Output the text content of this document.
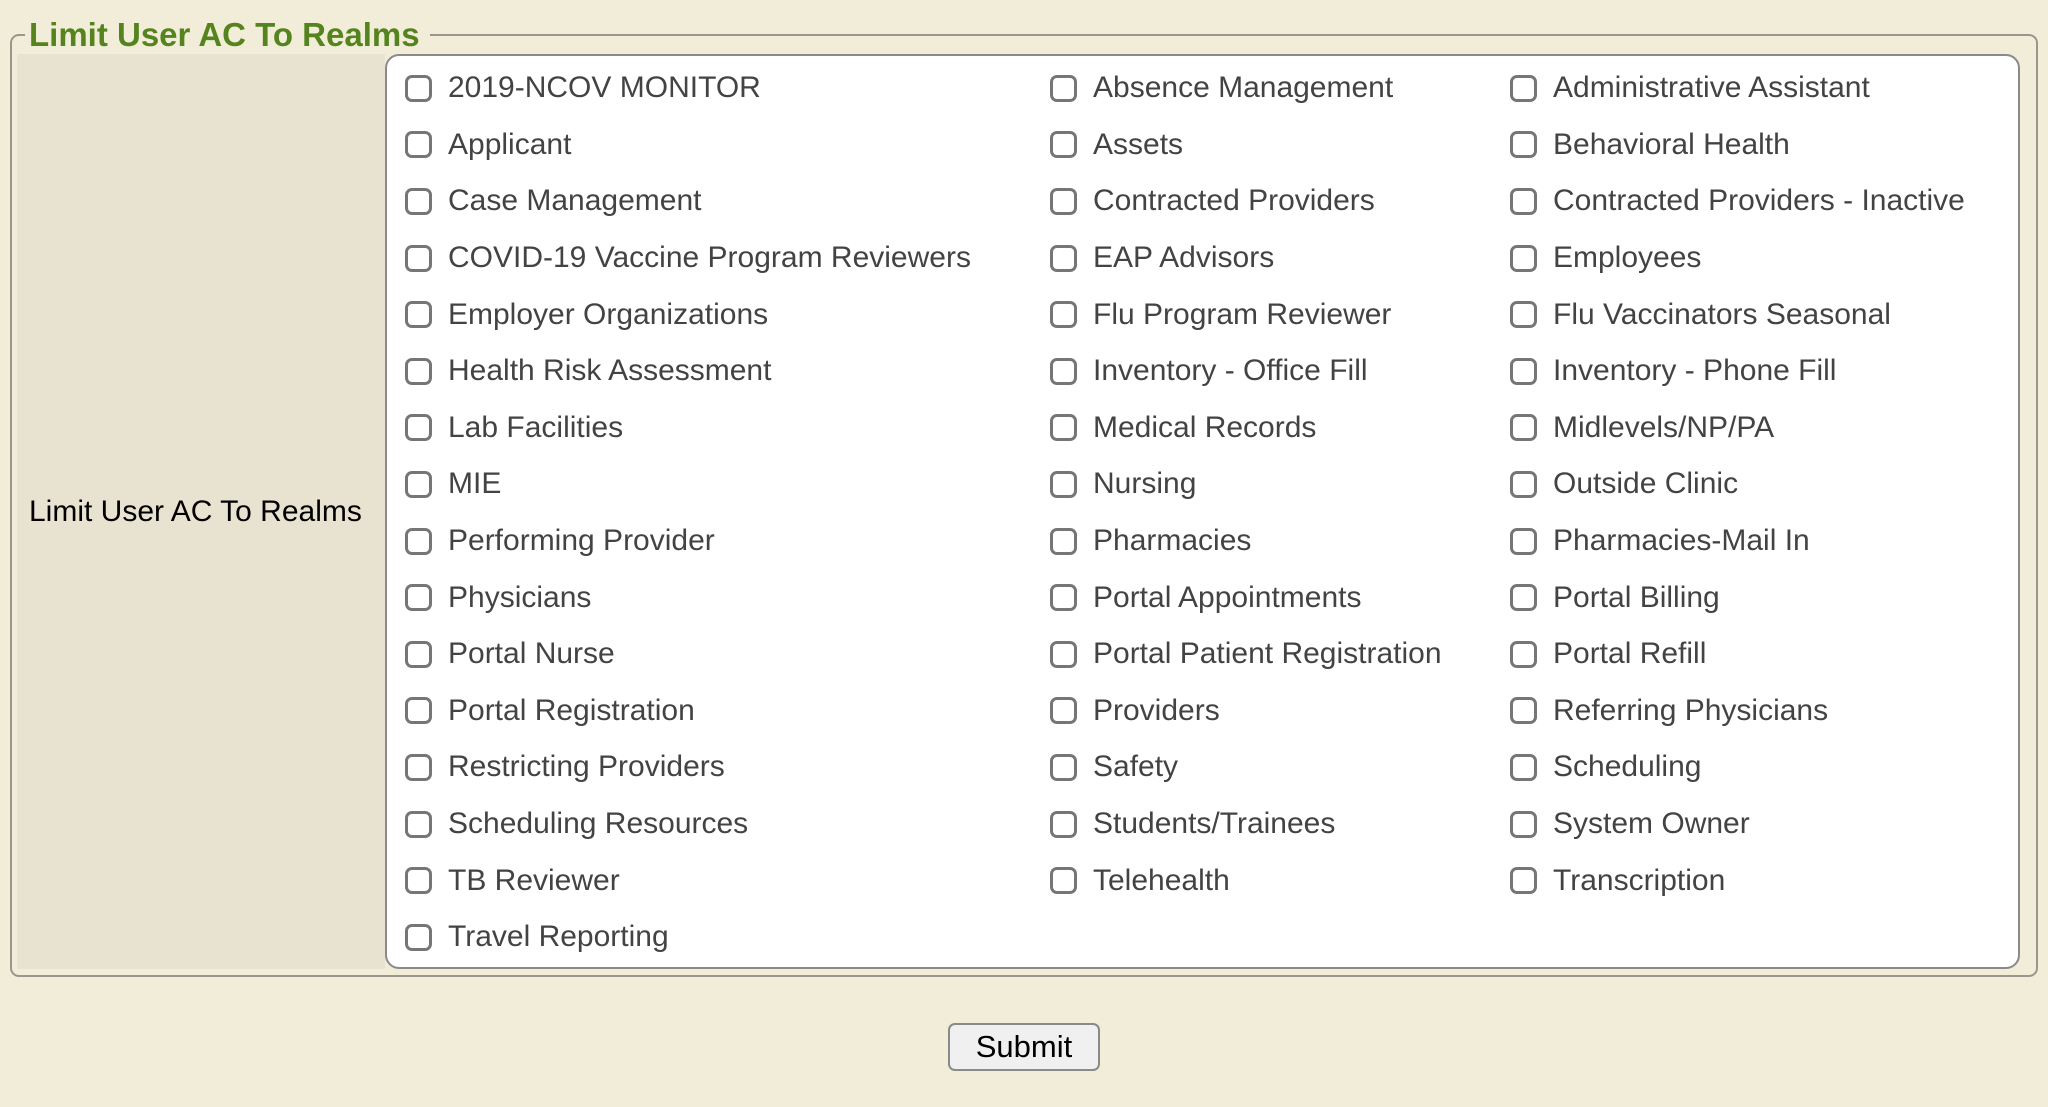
Limit User AC To Realms
Limit User AC To Realms
2019-NCOV MONITOR	Absence Management	Administrative Assistant
Applicant	Assets	Behavioral Health
Case Management	Contracted Providers	Contracted Providers - Inactive
COVID-19 Vaccine Program Reviewers	EAP Advisors	Employees
Employer Organizations	Flu Program Reviewer	Flu Vaccinators Seasonal
Health Risk Assessment	Inventory - Office Fill	Inventory - Phone Fill
Lab Facilities	Medical Records	Midlevels/NP/PA
MIE	Nursing	Outside Clinic
Performing Provider	Pharmacies	Pharmacies-Mail In
Physicians	Portal Appointments	Portal Billing
Portal Nurse	Portal Patient Registration	Portal Refill
Portal Registration	Providers	Referring Physicians
Restricting Providers	Safety	Scheduling
Scheduling Resources	Students/Trainees	System Owner
TB Reviewer	Telehealth	Transcription
Travel Reporting
Submit
